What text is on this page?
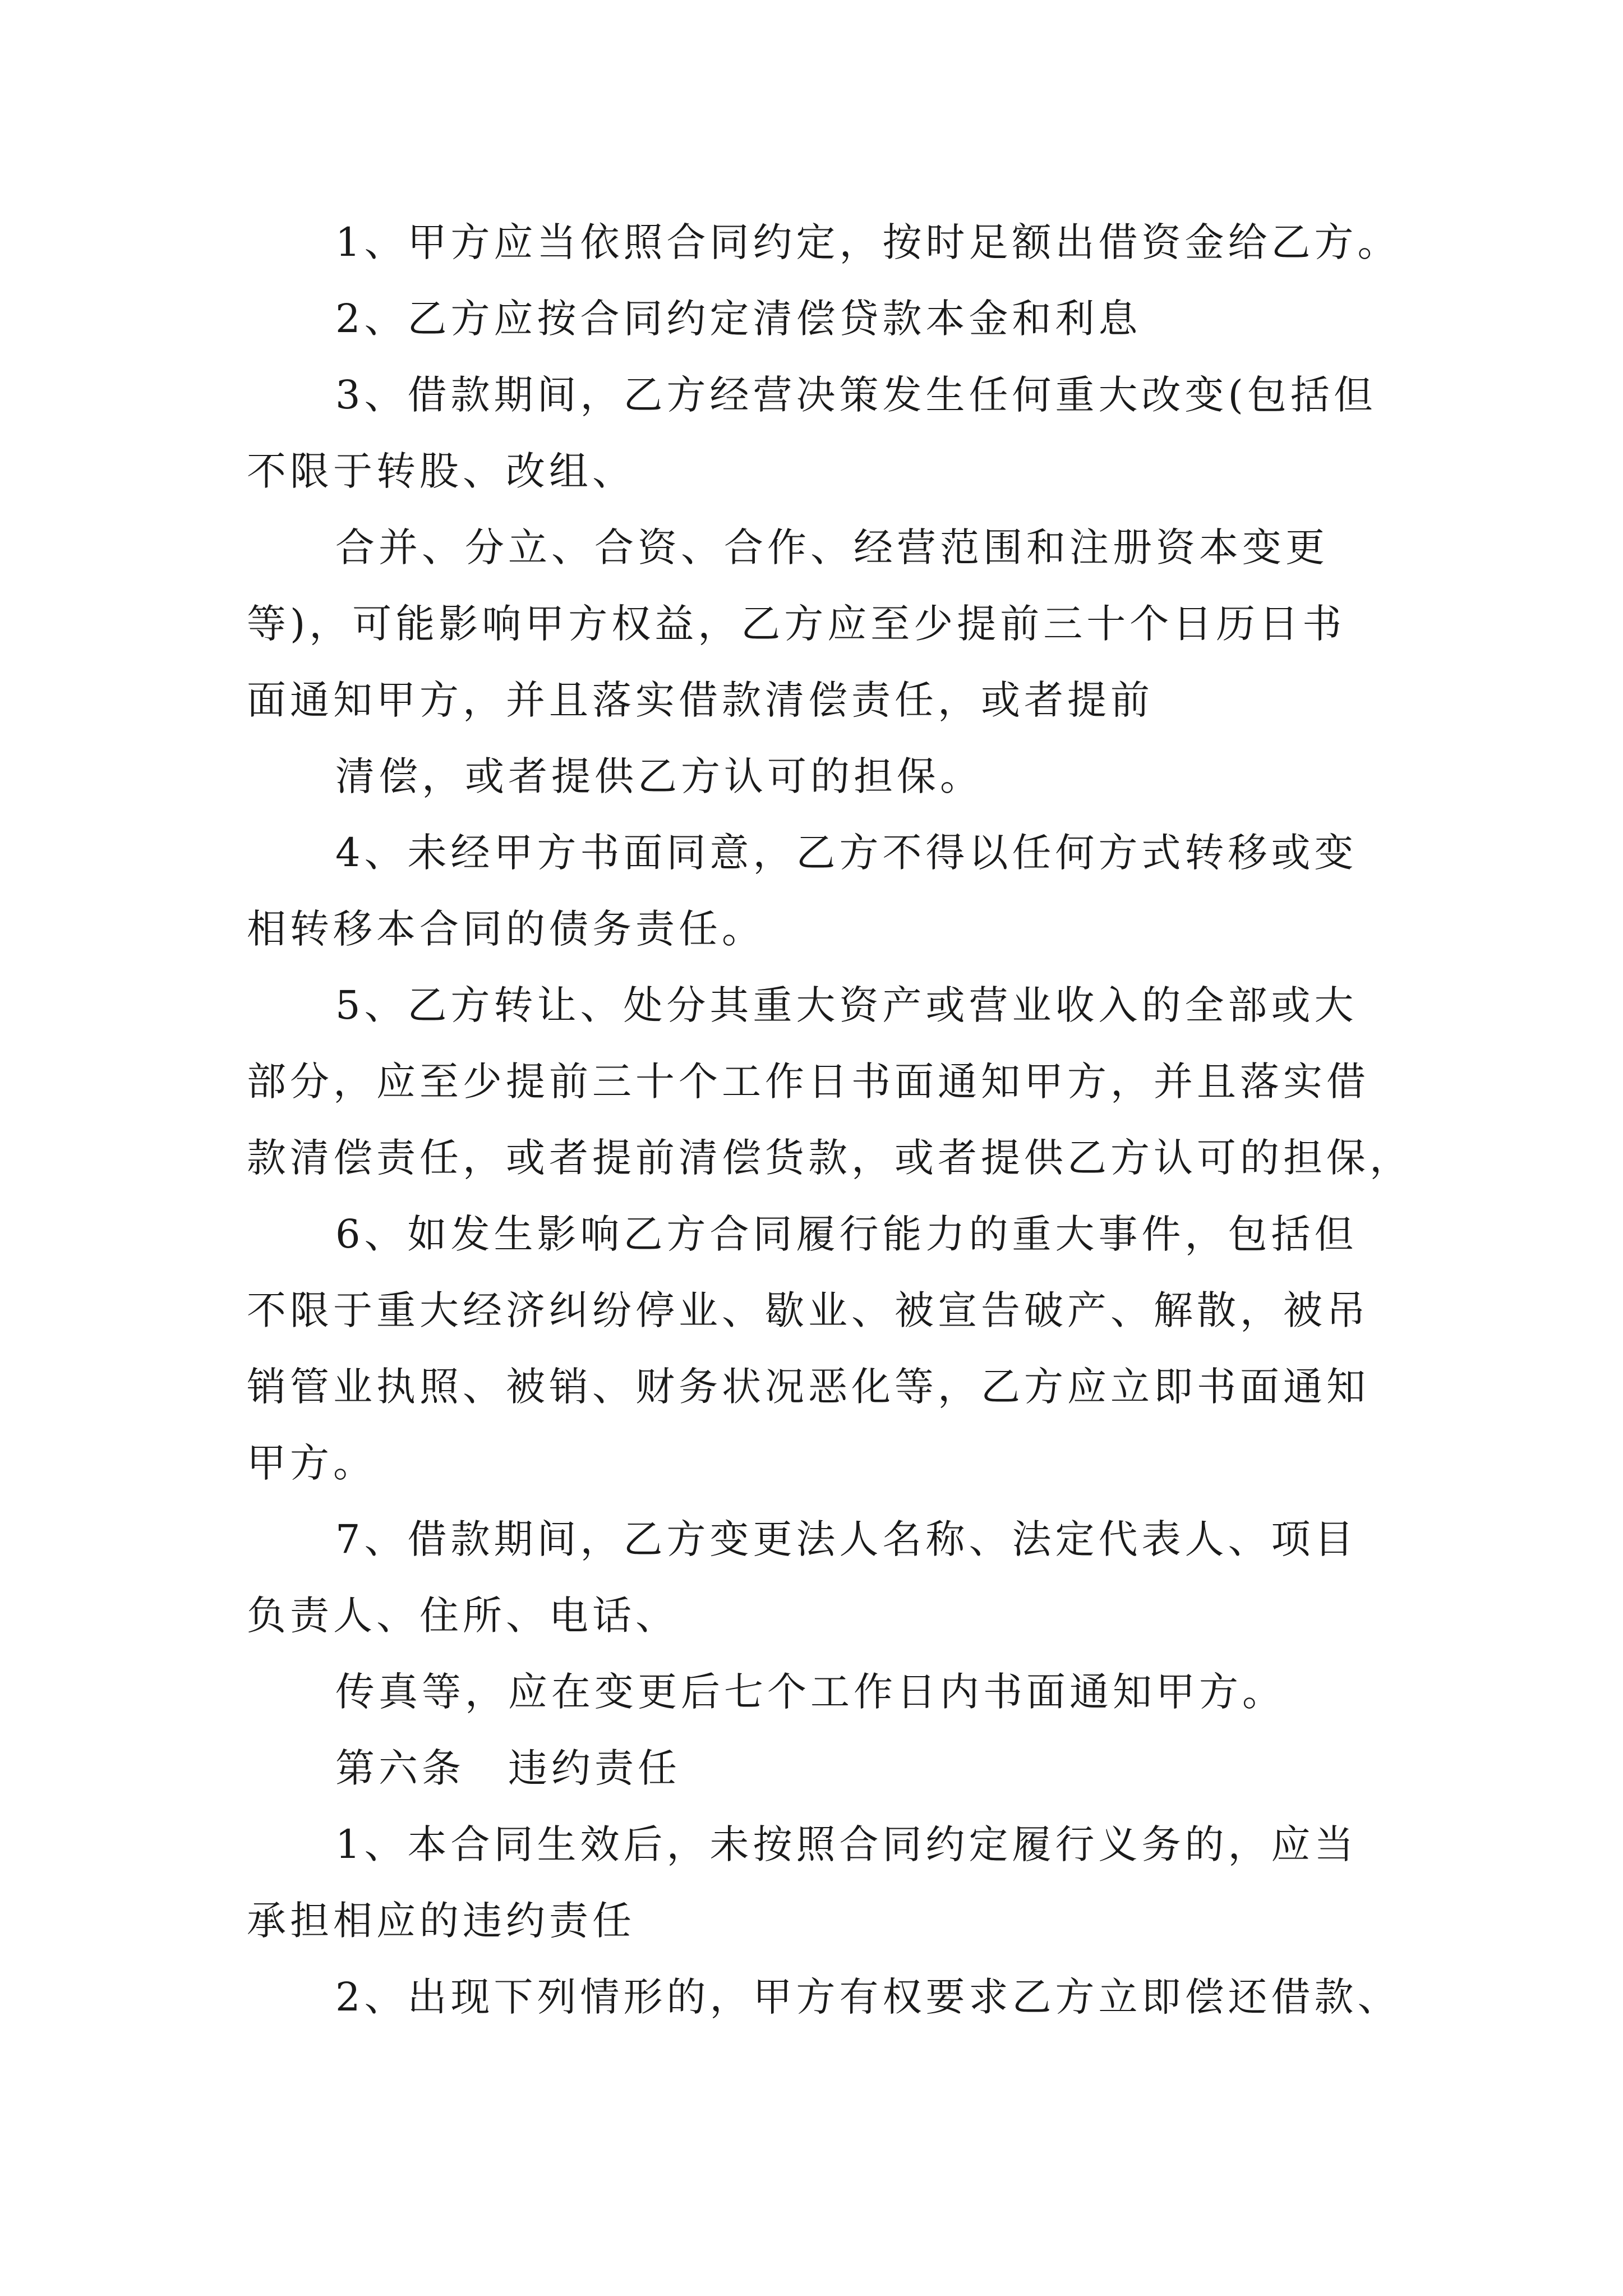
1、甲方应当依照合同约定，按时足额出借资金给乙方。
2、乙方应按合同约定清偿贷款本金和利息
3、借款期间，乙方经营决策发生任何重大改变(包括但
不限于转股、改组、
合并、分立、合资、合作、经营范围和注册资本变更
等)，可能影响甲方权益，乙方应至少提前三十个日历日书
面通知甲方，并且落实借款清偿责任，或者提前
清偿，或者提供乙方认可的担保。
4、未经甲方书面同意，乙方不得以任何方式转移或变
相转移本合同的债务责任。
5、乙方转让、处分其重大资产或营业收入的全部或大
部分，应至少提前三十个工作日书面通知甲方，并且落实借
款清偿责任，或者提前清偿货款，或者提供乙方认可的担保，
6、如发生影响乙方合同履行能力的重大事件，包括但
不限于重大经济纠纷停业、歇业、被宣告破产、解散，被吊
销管业执照、被销、财务状况恶化等，乙方应立即书面通知
甲方。
7、借款期间，乙方变更法人名称、法定代表人、项目
负责人、住所、电话、
传真等，应在变更后七个工作日内书面通知甲方。
第六条　违约责任
1、本合同生效后，未按照合同约定履行义务的，应当
承担相应的违约责任
2、出现下列情形的，甲方有权要求乙方立即偿还借款、
